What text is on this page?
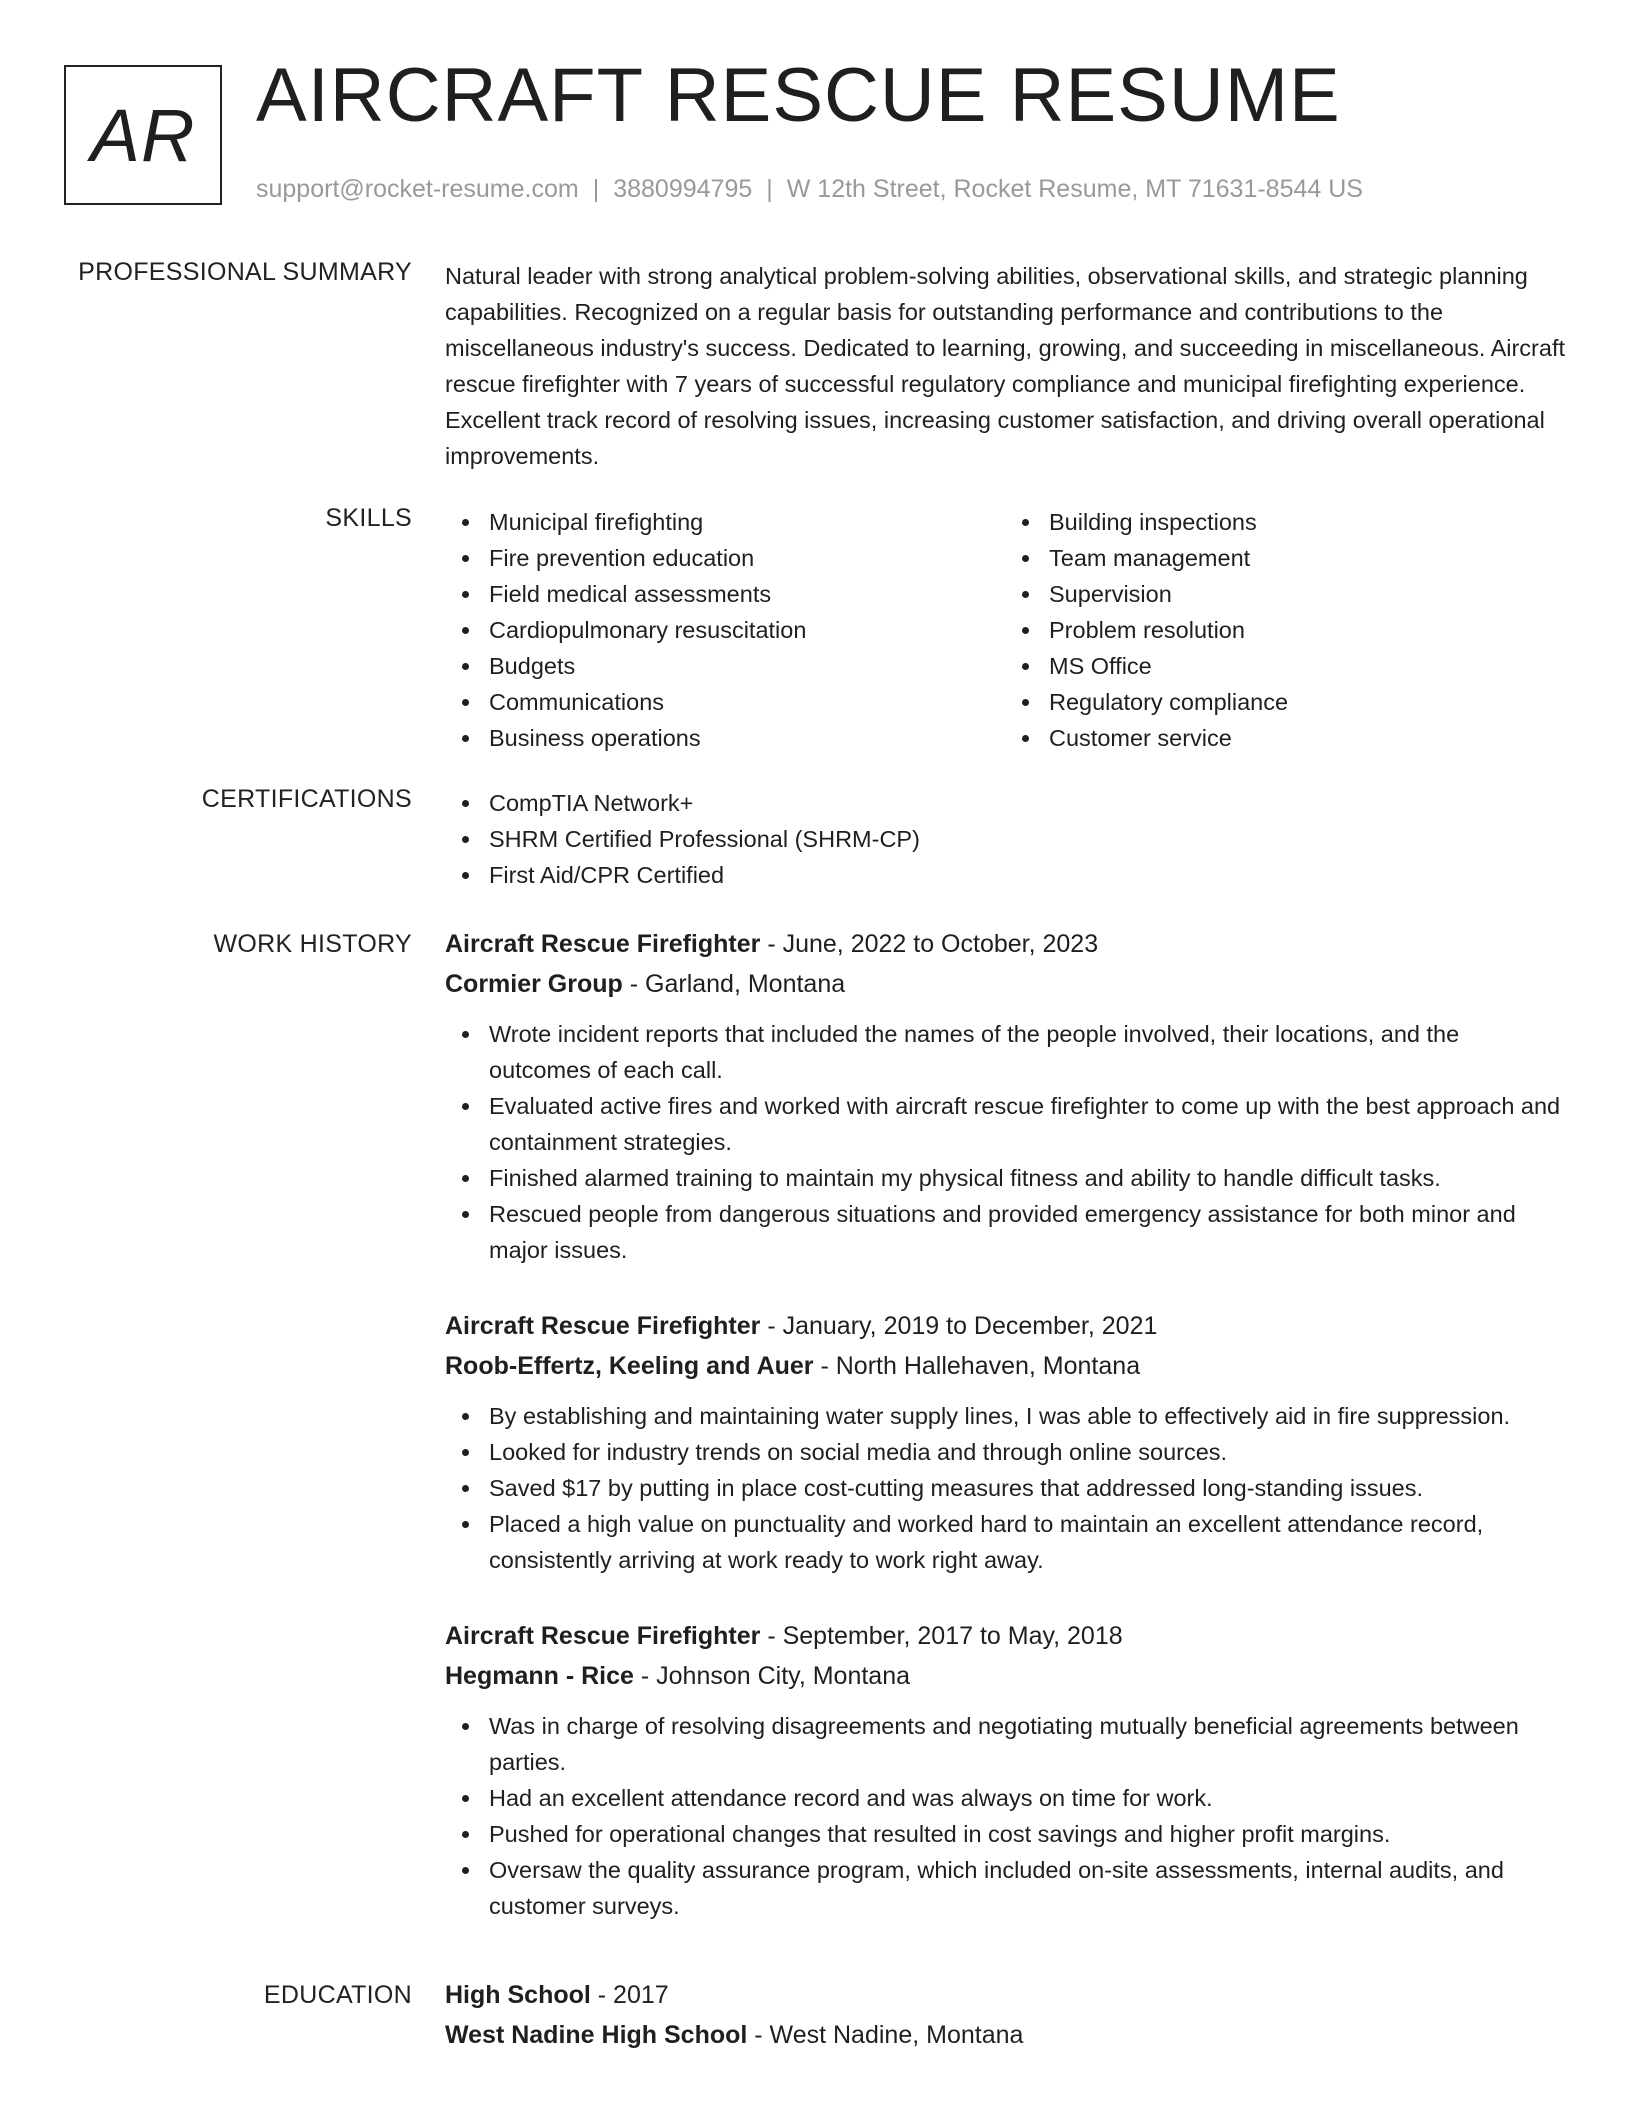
AR AIRCRAFT RESCUE RESUME
support@rocket-resume.com | 3880994795 | W 12th Street, Rocket Resume, MT 71631-8544 US
PROFESSIONAL SUMMARY Natural leader with strong analytical problem-solving abilities, observational skills, and strategic planning capabilities. Recognized on a regular basis for outstanding performance and contributions to the miscellaneous industry's success. Dedicated to learning, growing, and succeeding in miscellaneous. Aircraft rescue firefighter with 7 years of successful regulatory compliance and municipal firefighting experience. Excellent track record of resolving issues, increasing customer satisfaction, and driving overall operational improvements.

SKILLS	Municipal firefighting
Fire prevention education
Field medical assessments
Cardiopulmonary resuscitation
Budgets
Communications
Business operations
Building inspections
Team management
Supervision
Problem resolution
MS Office
Regulatory compliance
Customer service
CERTIFICATIONS	CompTIA Network+
SHRM Certified Professional (SHRM-CP)
First Aid/CPR Certified
WORK HISTORY Aircraft Rescue Firefighter - June, 2022 to October, 2023
Cormier Group - Garland, Montana
Wrote incident reports that included the names of the people involved, their locations, and the outcomes of each call.
Evaluated active fires and worked with aircraft rescue firefighter to come up with the best approach and containment strategies.
Finished alarmed training to maintain my physical fitness and ability to handle difficult tasks.
Rescued people from dangerous situations and provided emergency assistance for both minor and major issues.
Aircraft Rescue Firefighter - January, 2019 to December, 2021
Roob-Effertz, Keeling and Auer - North Hallehaven, Montana
By establishing and maintaining water supply lines, I was able to effectively aid in fire suppression.
Looked for industry trends on social media and through online sources.
Saved $17 by putting in place cost-cutting measures that addressed long-standing issues.
Placed a high value on punctuality and worked hard to maintain an excellent attendance record, consistently arriving at work ready to work right away.
Aircraft Rescue Firefighter - September, 2017 to May, 2018
Hegmann - Rice - Johnson City, Montana
Was in charge of resolving disagreements and negotiating mutually beneficial agreements between parties.
Had an excellent attendance record and was always on time for work.
Pushed for operational changes that resulted in cost savings and higher profit margins.
Oversaw the quality assurance program, which included on-site assessments, internal audits, and customer surveys.
EDUCATION High School - 2017
West Nadine High School - West Nadine, Montana
